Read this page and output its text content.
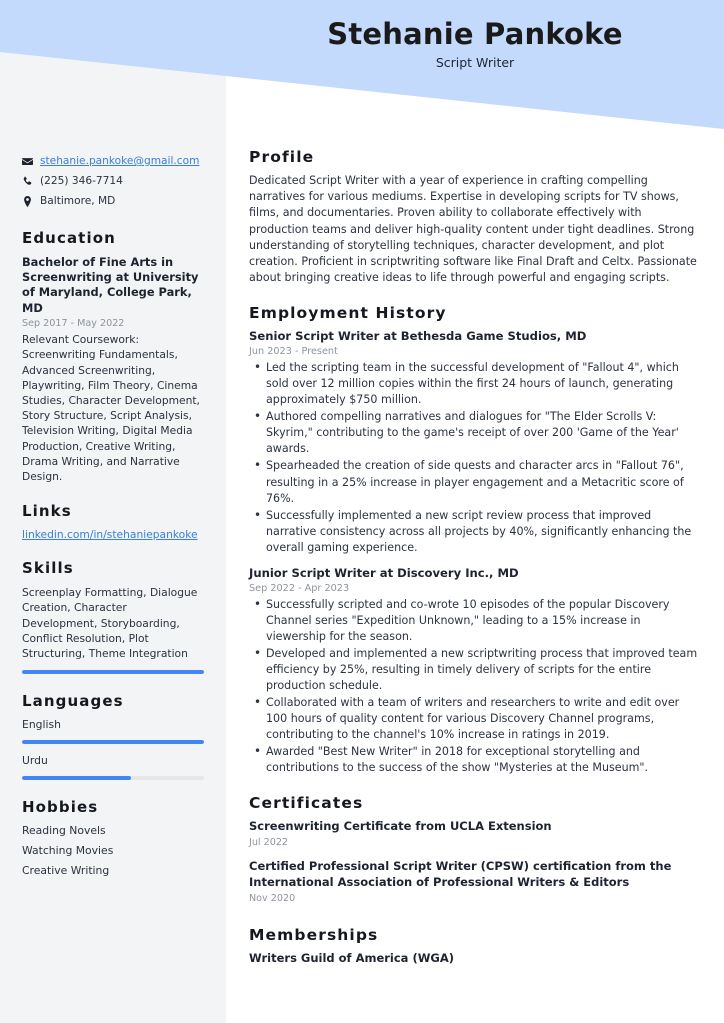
Stehanie Pankoke
Script Writer
stehanie.pankoke@gmail.com
(225) 346-7714
Baltimore, MD
Education
Bachelor of Fine Arts in Screenwriting at University of Maryland, College Park, MD
Sep 2017 - May 2022
Relevant Coursework: Screenwriting Fundamentals, Advanced Screenwriting, Playwriting, Film Theory, Cinema Studies, Character Development, Story Structure, Script Analysis, Television Writing, Digital Media Production, Creative Writing, Drama Writing, and Narrative Design.
Links
linkedin.com/in/stehaniepankoke
Skills
Screenplay Formatting, Dialogue Creation, Character Development, Storyboarding, Conflict Resolution, Plot Structuring, Theme Integration
Languages
English
Urdu
Hobbies
Reading Novels
Watching Movies
Creative Writing
Profile
Dedicated Script Writer with a year of experience in crafting compelling narratives for various mediums. Expertise in developing scripts for TV shows, films, and documentaries. Proven ability to collaborate effectively with production teams and deliver high-quality content under tight deadlines. Strong understanding of storytelling techniques, character development, and plot creation. Proficient in scriptwriting software like Final Draft and Celtx. Passionate about bringing creative ideas to life through powerful and engaging scripts.
Employment History
Senior Script Writer at Bethesda Game Studios, MD
Jun 2023 - Present
• Led the scripting team in the successful development of "Fallout 4", which sold over 12 million copies within the first 24 hours of launch, generating approximately $750 million.
• Authored compelling narratives and dialogues for "The Elder Scrolls V: Skyrim," contributing to the game's receipt of over 200 'Game of the Year' awards.
• Spearheaded the creation of side quests and character arcs in "Fallout 76", resulting in a 25% increase in player engagement and a Metacritic score of 76%.
• Successfully implemented a new script review process that improved narrative consistency across all projects by 40%, significantly enhancing the overall gaming experience.
Junior Script Writer at Discovery Inc., MD
Sep 2022 - Apr 2023
• Successfully scripted and co-wrote 10 episodes of the popular Discovery Channel series "Expedition Unknown," leading to a 15% increase in viewership for the season.
• Developed and implemented a new scriptwriting process that improved team efficiency by 25%, resulting in timely delivery of scripts for the entire production schedule.
• Collaborated with a team of writers and researchers to write and edit over 100 hours of quality content for various Discovery Channel programs, contributing to the channel's 10% increase in ratings in 2019.
• Awarded "Best New Writer" in 2018 for exceptional storytelling and contributions to the success of the show "Mysteries at the Museum".
Certificates
Screenwriting Certificate from UCLA Extension
Jul 2022
Certified Professional Script Writer (CPSW) certification from the International Association of Professional Writers & Editors
Nov 2020
Memberships
Writers Guild of America (WGA)
